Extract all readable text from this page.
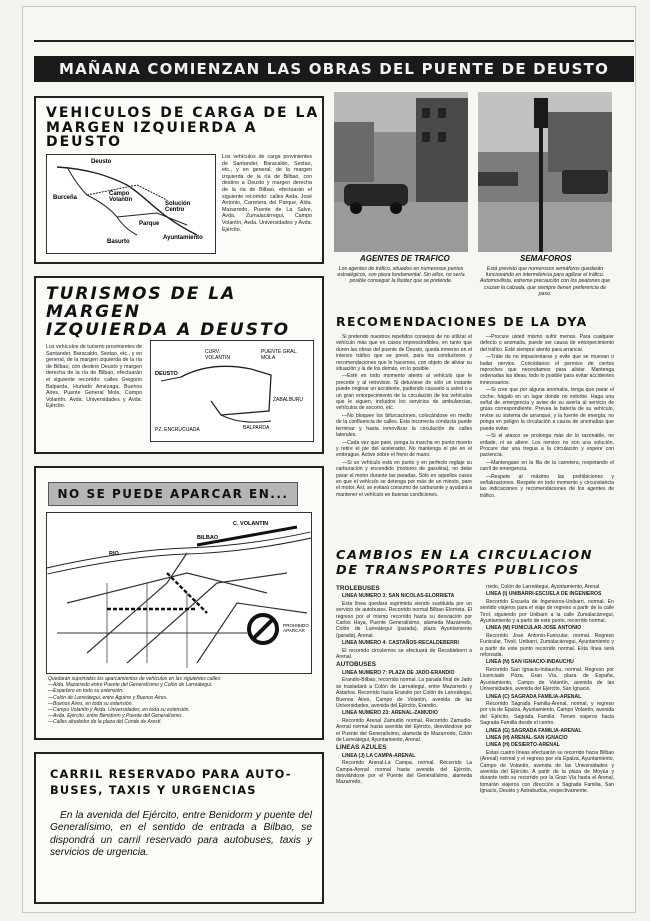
MAÑANA COMIENZAN LAS OBRAS DEL PUENTE DE DEUSTO
VEHICULOS DE CARGA DE LA
MARGEN IZQUIERDA A DEUSTO
Deusto
Burceña
Campo Volantín
Solución Centro
Basurto
Parque
Ayuntamiento
Los vehículos de carga provinientes de Santander, Baracaldo, Sestao, etc., y en general, de la margen izquierda de la ría de Bilbao, con destino a Deusto y margen derecha de la ría de Bilbao, efectuarán el siguiente recorrido: calles Avda. José Antonio, Carretera del Parque, Alda. Mazarredo, Puente de La Salve, Avda. Zumalacárregui, Campo Volantín, Avda. Universidades y Avda. Ejército.
TURISMOS DE LA MARGEN
IZQUIERDA A DEUSTO
Los vehículos de turismo provinientes de Santander, Baracaldo, Sestao, etc., y en general, de la margen izquierda de la ría de Bilbao, con destino Deusto y margen derecha de la ría de Bilbao, efectuarán el siguiente recorrido: calles Gregorio Balparda, Hurtado Amézaga, Buenos Aires, Puente General Mola, Campo Volantín, Avda. Universidades y Avda. Ejército.
DEUSTO
CURV. VOLANTIN
PUENTE GRAL. MOLA
ZABALBURU
BALPARDA
PZ. ENCRUCIJADA
NO SE PUEDE APARCAR EN...
C. VOLANTIN
RIO
BILBAO
PROHIBIDO APARCAR
Quedarán suprimidos los aparcamientos de vehículos en las siguientes calles:
—Alda. Mazarredo entre Puente del Generalísimo y Colón de Larreátegui.
—Espartero en todo su extensión.
—Colón de Larreátegui, entre Aguirre y Buenos Aires.
—Buenos Aires, en toda su extensión.
—Campo Volantín y Avda. Universidades, en toda su extensión.
—Avda. Ejército, entre Benidorm y Puente del Generalísimo.
—Calles alrededor de la plaza del Conde de Arestí.
CARRIL RESERVADO PARA AUTO-
BUSES, TAXIS Y URGENCIAS
En la avenida del Ejército, entre Benidorm y puente del Generalísimo, en el sentido de entrada a Bilbao, se dispondrá un carril reservado para autobuses, taxis y servicios de urgencia.
AGENTES DE TRAFICO
Los agentes de tráfico, situados en numerosos puntos estratégicos, son pieza fundamental. Sin ellos, no sería posible conseguir la fluidez que se pretende.
SEMAFOROS
Está previsto que numerosos semáforos quedarán funcionando en intermitencia para agilizar el tráfico. Automovilista, extreme precaución con los peatones que cruzan la calzada, que siempre tienen preferencia de paso.
RECOMENDACIONES DE LA DYA

Si pretendo nuestros repetidos consejos de no utilizar el vehículo más que en casos imprescindibles, en tanto que duren las obras del puente de Deusto, queda inmerso en el intenso tráfico que se prevé, para los conductores y recomendaciones que le hacemos, con objeto de aliviar su situación y la de los demás, en lo posible.

—Esté en todo momento atento al vehículo que le precede y al retrovisor. Si detuviese de sólo un instante puede originar un accidente, pudiendo causarlo a usted o a un gran entorpecimiento de la circulación de los vehículos que le siguen, incluidos los servicios de ambulancias, vehículos de socorro, etc.

—No bloquee los bifurcaciones, colocándose en medio de la confluencia de calles. Esta incorrecta conducta puede terminar y hasta inmovilizar la circulación de calles laterales.

—Cada vez que pare, ponga la marcha en punto muerto y retire el pie del acelerador. No mantenga el pie en el embrague. Active sobre el freno de mano.

—Si un vehículo está en punto y en perfecto reglaje su carburación y encendido (motores de gasolina), no debe parar el motor durante las paradas. Sólo en aquellos casos en que el vehículo se detenga por más de un minuto, pare el motor. Así, se evitará consumo de carburante y ayudará a mantener el vehículo en buenas condiciones.

—Procure usted mismo sufrir menos. Para cualquier defecto o anomalía, puede ser causa de entorpecimiento del tráfico. Esté siempre atento para arrancar.

—Tráte de no impacientarse y evite que se muevan o bailar nervios. Concédanos el permiso de ciertos reproches que necesitamos para aliviar. Mantenga ordenadas las ideas, todo lo posible para evitar accidentes innecesarios.

—Si cree que por alguna anomalía, tenga que parar el coche, hágalo en un lugar donde no estorbe. Haga una señal de emergencia y avise de su avería al servicio de grúas correspondiente. Prevea la batería de su vehículo, revise su sistema de arranque, y la fuente de energía; no ponga en peligro la circulación a causa de anomalías que puede evitar.

—Si el atasco se prolonga más de lo razonable, no enfade, ni se altere. Los nervios no son una solución. Procure dar una tregua a la circulación y espere con paciencia.

—Mantengase en la fila de la carretera, respetando el carril de emergencia.

—Respete al máximo las prohibiciones y señalizaciones. Respete en todo momento y circunstancia las indicaciones y recomendaciones de los agentes de tráfico.

CAMBIOS EN LA CIRCULACION
DE TRANSPORTES PUBLICOS

TROLEBUSES

LINEA NUMERO 3: SAN NICOLAS-ELORRIETA

Esta línea quedará suprimida siendo sustituida por un servicio de autobuses. Recorrido normal Bilbao Elorrieta. El regreso por el mismo recorrido hasta su desviación por Carlos Haya, Puente Generalísimo, alameda Mazarredo, Colón de Larreátegui (parada), plaza Ayuntamiento (parada), Arenal.

LINEA NUMERO 4: CASTAÑOS-RECALDEBERRI

El recorrido circulemos se efectuará de Recaldeberri a Arenal.

AUTOBUSES

LINEA NUMERO 7: PLAZA DE JADO-ERANDIO

Erandio-Bilbao, recorrido normal. La parada final de Jado se trasladará a Colón de Larreátegui, entre Mazarredo y Astarloa. Recorrido hacia Erandio por Colón de Larreátegui, Buenos Aires, Campo de Volantín, avenida de las Universidades, avenida del Ejército, Erandio.

LINEA NUMERO 23: ARENAL-ZAMUDIO

Recorrido Arenal Zamudio normal. Recorrido Zamudio-Arenal normal hasta avenida del Ejército, desviándose por el Puente del Generalísimo, alameda de Mazarredo, Colón de Larreátegui, Ayuntamiento, Arenal.

LINEAS AZULES

LINEA (J) LA CAMPA-ARENAL

Recorrido Arenal-La Campa, normal. Recorrido La Campa-Arenal normal hasta avenida del Ejército, desviándose por el Puente del Generalísimo, alameda Mazarredo,

rredo, Colón de Larreátegui, Ayuntamiento, Arenal.

LINEA (I) UNIBARRI-ESCUELA DE INGENIEROS

Recorrido Escuela de Ingenieros-Unibarri, normal. En sentido viajeros para el viaje de regreso a partir de la calle Tirol, siguiendo por Unibarri a la calle Zumalacárregui, Ayuntamiento y a partir de este punto, recorrido normal.

LINEA (M) FUNICULAR-JOSE ANTONIO

Recorrido José Antonio-Funicular, normal. Regreso Funicular, Tivoli, Unibarri, Zumalacárregui, Ayuntamiento y a partir de este punto recorrido normal. Esta línea será reforzada.

LINEA (N) SAN IGNACIO-INDAUCHU

Recorrido San Ignacio-Indauchu, normal. Regreso por Licenciado Poza, Gran Vía, plaza de España, Ayuntamiento, Campo de Volantín, avenida de las Universidades, avenida del Ejército, San Ignacio.

LINEA (C) SAGRADA FAMILIA-ARENAL

Recorrido Sagrada Familia-Arenal, normal, y regreso por vía de Epalza, Ayuntamiento, Campo Volantín, avenida del Ejército, Sagrada Familia. Tienen viajeros hacia Sagrada Familia desde el centro.

LINEA (G) SAGRADA FAMILIA-ARENAL

LINEA (H) ARENAL-SAN IGNACIO

LINEA (H) DESIERTO-ARENAL

Estas cuatro líneas efectuarán su recorrido hacia Bilbao (Arenal) normal y el regreso por vía Epalza, Ayuntamiento, Campo de Volantín, avenida de las Universidades y avenida del Ejército. A partir de la plaza de Moyúa y durante todo su recorrido por la Gran Vía hasta el Arenal, tomarán viajeros con dirección a Sagrada Familia, San Ignacio, Deusto y Astrabudúa, respectivamente.
